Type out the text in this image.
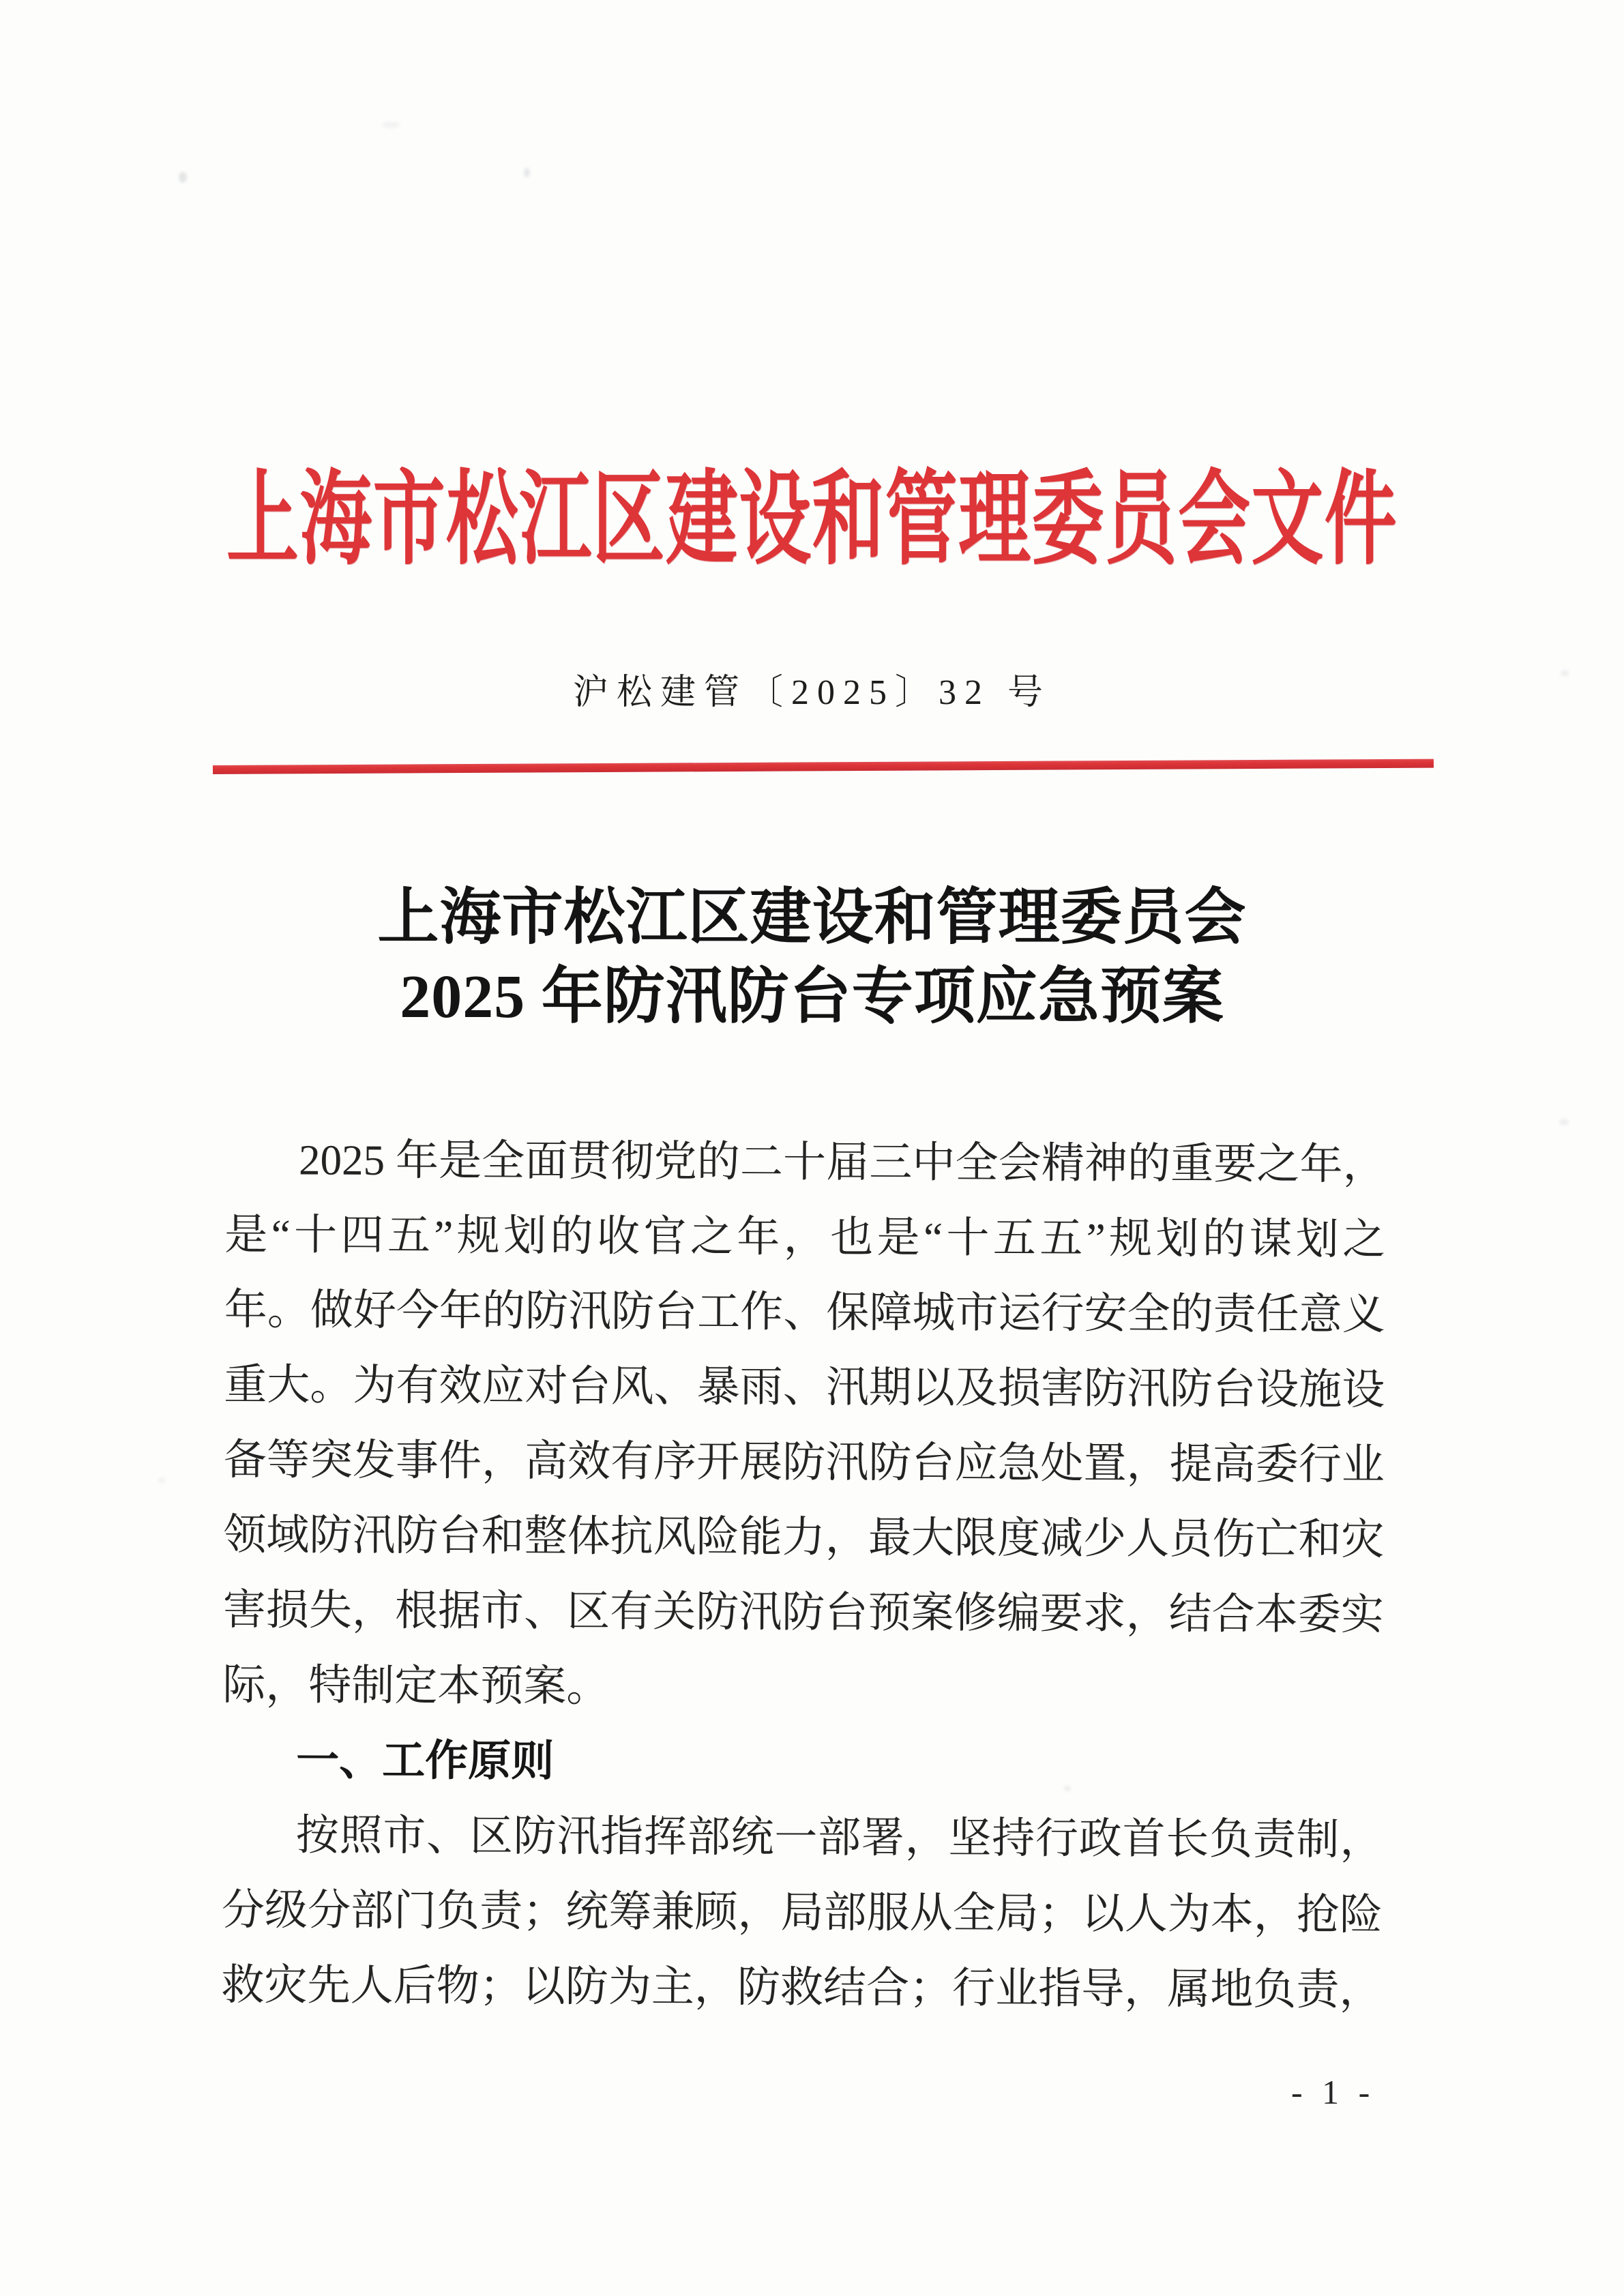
上海市松江区建设和管理委员会文件
沪松建管〔2025〕32 号
上海市松江区建设和管理委员会
2025 年防汛防台专项应急预案
2025 年是全面贯彻党的二十届三中全会精神的重要之年，
是“十四五”规划的收官之年，也是“十五五”规划的谋划之
年。做好今年的防汛防台工作、保障城市运行安全的责任意义
重大。为有效应对台风、暴雨、汛期以及损害防汛防台设施设
备等突发事件，高效有序开展防汛防台应急处置，提高委行业
领域防汛防台和整体抗风险能力，最大限度减少人员伤亡和灾
害损失，根据市、区有关防汛防台预案修编要求，结合本委实
际，特制定本预案。
一、工作原则
按照市、区防汛指挥部统一部署，坚持行政首长负责制，
分级分部门负责；统筹兼顾，局部服从全局；以人为本，抢险
救灾先人后物；以防为主，防救结合；行业指导，属地负责，
- 1 -
